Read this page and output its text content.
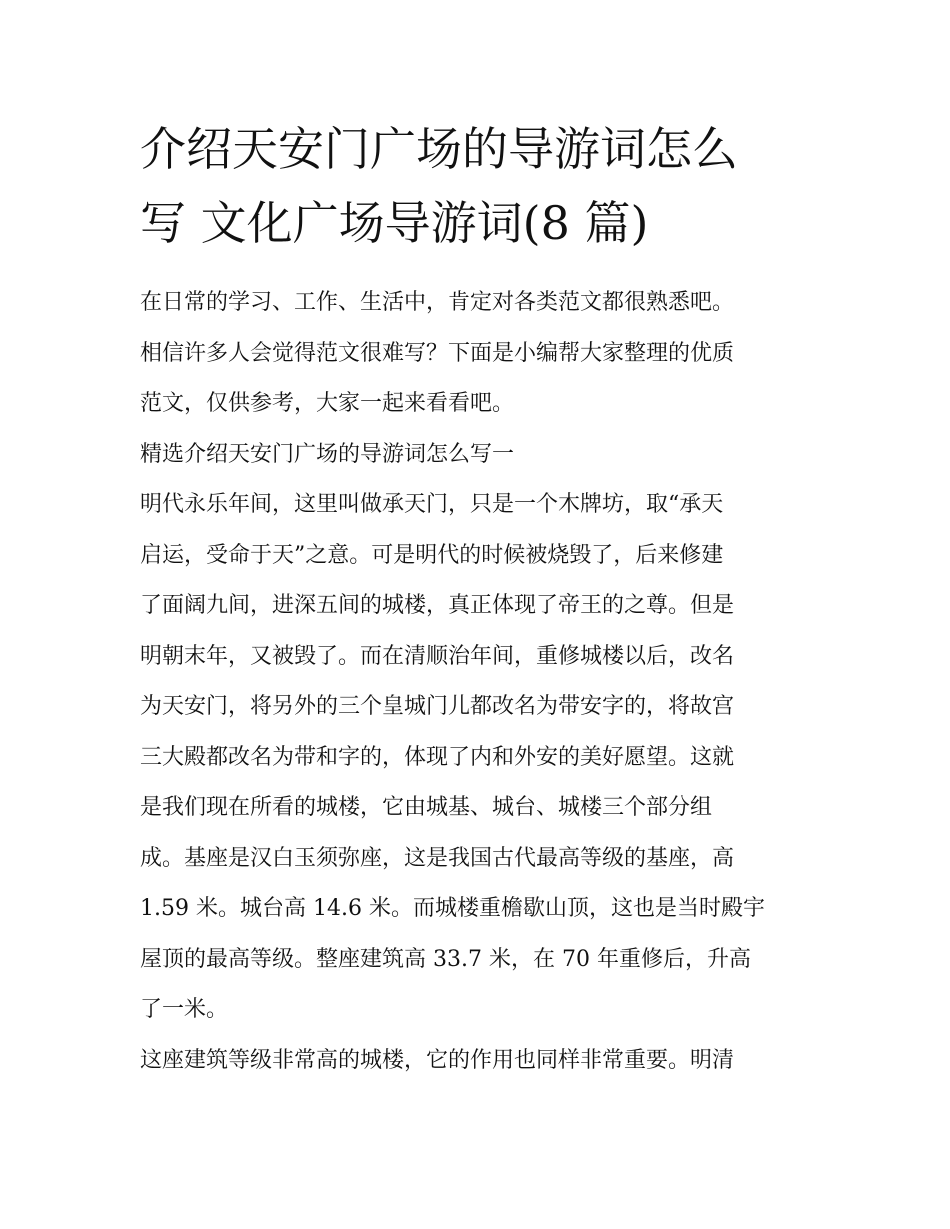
介绍天安门广场的导游词怎么
写 文化广场导游词(8 篇)
在日常的学习、工作、生活中，肯定对各类范文都很熟悉吧。
相信许多人会觉得范文很难写？下面是小编帮大家整理的优质
范文，仅供参考，大家一起来看看吧。
精选介绍天安门广场的导游词怎么写一
明代永乐年间，这里叫做承天门，只是一个木牌坊，取“承天
启运，受命于天”之意。可是明代的时候被烧毁了，后来修建
了面阔九间，进深五间的城楼，真正体现了帝王的之尊。但是
明朝末年，又被毁了。而在清顺治年间，重修城楼以后，改名
为天安门，将另外的三个皇城门儿都改名为带安字的，将故宫
三大殿都改名为带和字的，体现了内和外安的美好愿望。这就
是我们现在所看的城楼，它由城基、城台、城楼三个部分组
成。基座是汉白玉须弥座，这是我国古代最高等级的基座，高
1.59 米。城台高 14.6 米。而城楼重檐歇山顶，这也是当时殿宇
屋顶的最高等级。整座建筑高 33.7 米，在 70 年重修后，升高
了一米。
这座建筑等级非常高的城楼，它的作用也同样非常重要。明清
